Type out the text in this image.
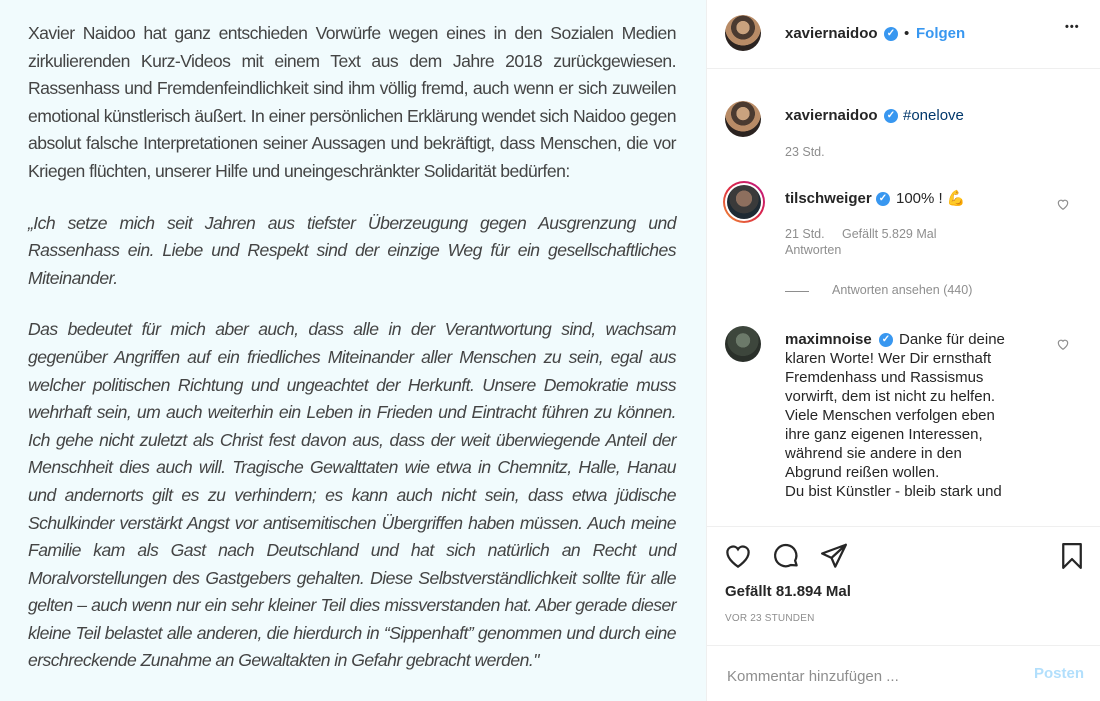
Xavier Naidoo hat ganz entschieden Vorwürfe wegen eines in den Sozialen Medien zirkulierenden Kurz-Videos mit einem Text aus dem Jahre 2018 zurückgewiesen. Rassenhass und Fremdenfeindlichkeit sind ihm völlig fremd, auch wenn er sich zuweilen emotional künstlerisch äußert. In einer persönlichen Erklärung wendet sich Naidoo gegen absolut falsche Interpretationen seiner Aussagen und bekräftigt, dass Menschen, die vor Kriegen flüchten, unserer Hilfe und uneingeschränkter Solidarität bedürfen:

„Ich setze mich seit Jahren aus tiefster Überzeugung gegen Ausgrenzung und Rassenhass ein. Liebe und Respekt sind der einzige Weg für ein gesellschaftliches Miteinander.

Das bedeutet für mich aber auch, dass alle in der Verantwortung sind, wachsam gegenüber Angriffen auf ein friedliches Miteinander aller Menschen zu sein, egal aus welcher politischen Richtung und ungeachtet der Herkunft. Unsere Demokratie muss wehrhaft sein, um auch weiterhin ein Leben in Frieden und Eintracht führen zu können. Ich gehe nicht zuletzt als Christ fest davon aus, dass der weit überwiegende Anteil der Menschheit dies auch will. Tragische Gewalttaten wie etwa in Chemnitz, Halle, Hanau und andernorts gilt es zu verhindern; es kann auch nicht sein, dass etwa jüdische Schulkinder verstärkt Angst vor antisemitischen Übergriffen haben müssen. Auch meine Familie kam als Gast nach Deutschland und hat sich natürlich an Recht und Moralvorstellungen des Gastgebers gehalten. Diese Selbstverständlichkeit sollte für alle gelten – auch wenn nur ein sehr kleiner Teil dies missverstanden hat. Aber gerade dieser kleine Teil belastet alle anderen, die hierdurch in “Sippenhaft” genommen und durch eine erschreckende Zunahme an Gewaltakten in Gefahr gebracht werden."

xaviernaidoo ✓ • Folgen	•••
xaviernaidoo ✓ #onelove
23 Std.
tilschweiger ✓ 100% ! 💪
21 Std. Gefällt 5.829 Mal
Antworten
Antworten ansehen (440)
maximnoise ✓ Danke für deine
klaren Worte! Wer Dir ernsthaft
Fremdenhass und Rassismus
vorwirft, dem ist nicht zu helfen.
Viele Menschen verfolgen eben
ihre ganz eigenen Interessen,
während sie andere in den
Abgrund reißen wollen.
Du bist Künstler - bleib stark und
Gefällt 81.894 Mal
VOR 23 STUNDEN
Kommentar hinzufügen ...
Posten
